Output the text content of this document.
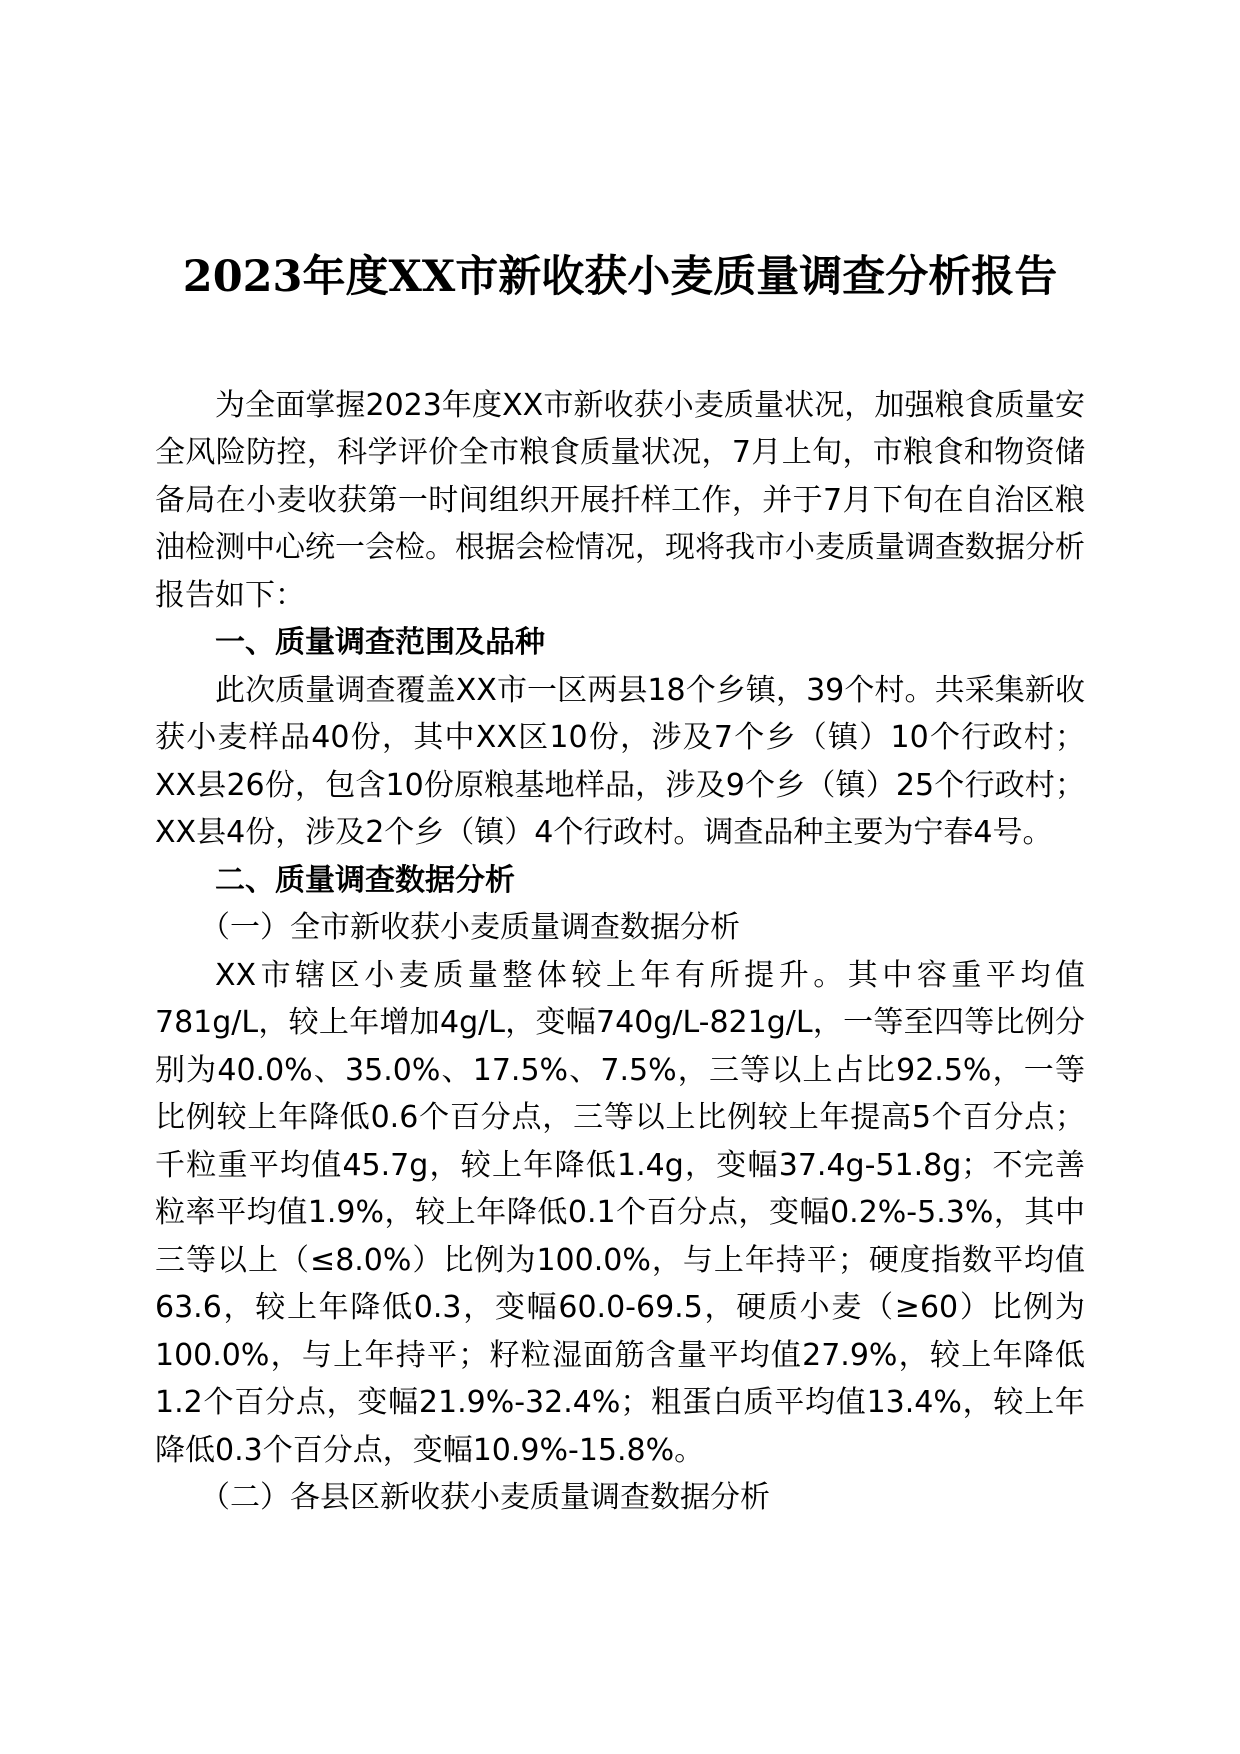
2023年度XX市新收获小麦质量调查分析报告

为全面掌握2023年度XX市新收获小麦质量状况，加强粮食质量安全风险防控，科学评价全市粮食质量状况，7月上旬，市粮食和物资储备局在小麦收获第一时间组织开展扦样工作，并于7月下旬在自治区粮油检测中心统一会检。根据会检情况，现将我市小麦质量调查数据分析报告如下：

一、质量调查范围及品种

此次质量调查覆盖XX市一区两县18个乡镇，39个村。共采集新收获小麦样品40份，其中XX区10份，涉及7个乡（镇）10个行政村；XX县26份，包含10份原粮基地样品，涉及9个乡（镇）25个行政村；XX县4份，涉及2个乡（镇）4个行政村。调查品种主要为宁春4号。

二、质量调查数据分析

（一）全市新收获小麦质量调查数据分析

XX市辖区小麦质量整体较上年有所提升。其中容重平均值781g/L，较上年增加4g/L，变幅740g/L-821g/L，一等至四等比例分别为40.0%、35.0%、17.5%、7.5%，三等以上占比92.5%，一等比例较上年降低0.6个百分点，三等以上比例较上年提高5个百分点；千粒重平均值45.7g，较上年降低1.4g，变幅37.4g-51.8g；不完善粒率平均值1.9%，较上年降低0.1个百分点，变幅0.2%-5.3%，其中三等以上（≤8.0%）比例为100.0%，与上年持平；硬度指数平均值63.6，较上年降低0.3，变幅60.0-69.5，硬质小麦（≥60）比例为100.0%，与上年持平；籽粒湿面筋含量平均值27.9%，较上年降低1.2个百分点，变幅21.9%-32.4%；粗蛋白质平均值13.4%，较上年降低0.3个百分点，变幅10.9%-15.8%。

（二）各县区新收获小麦质量调查数据分析
